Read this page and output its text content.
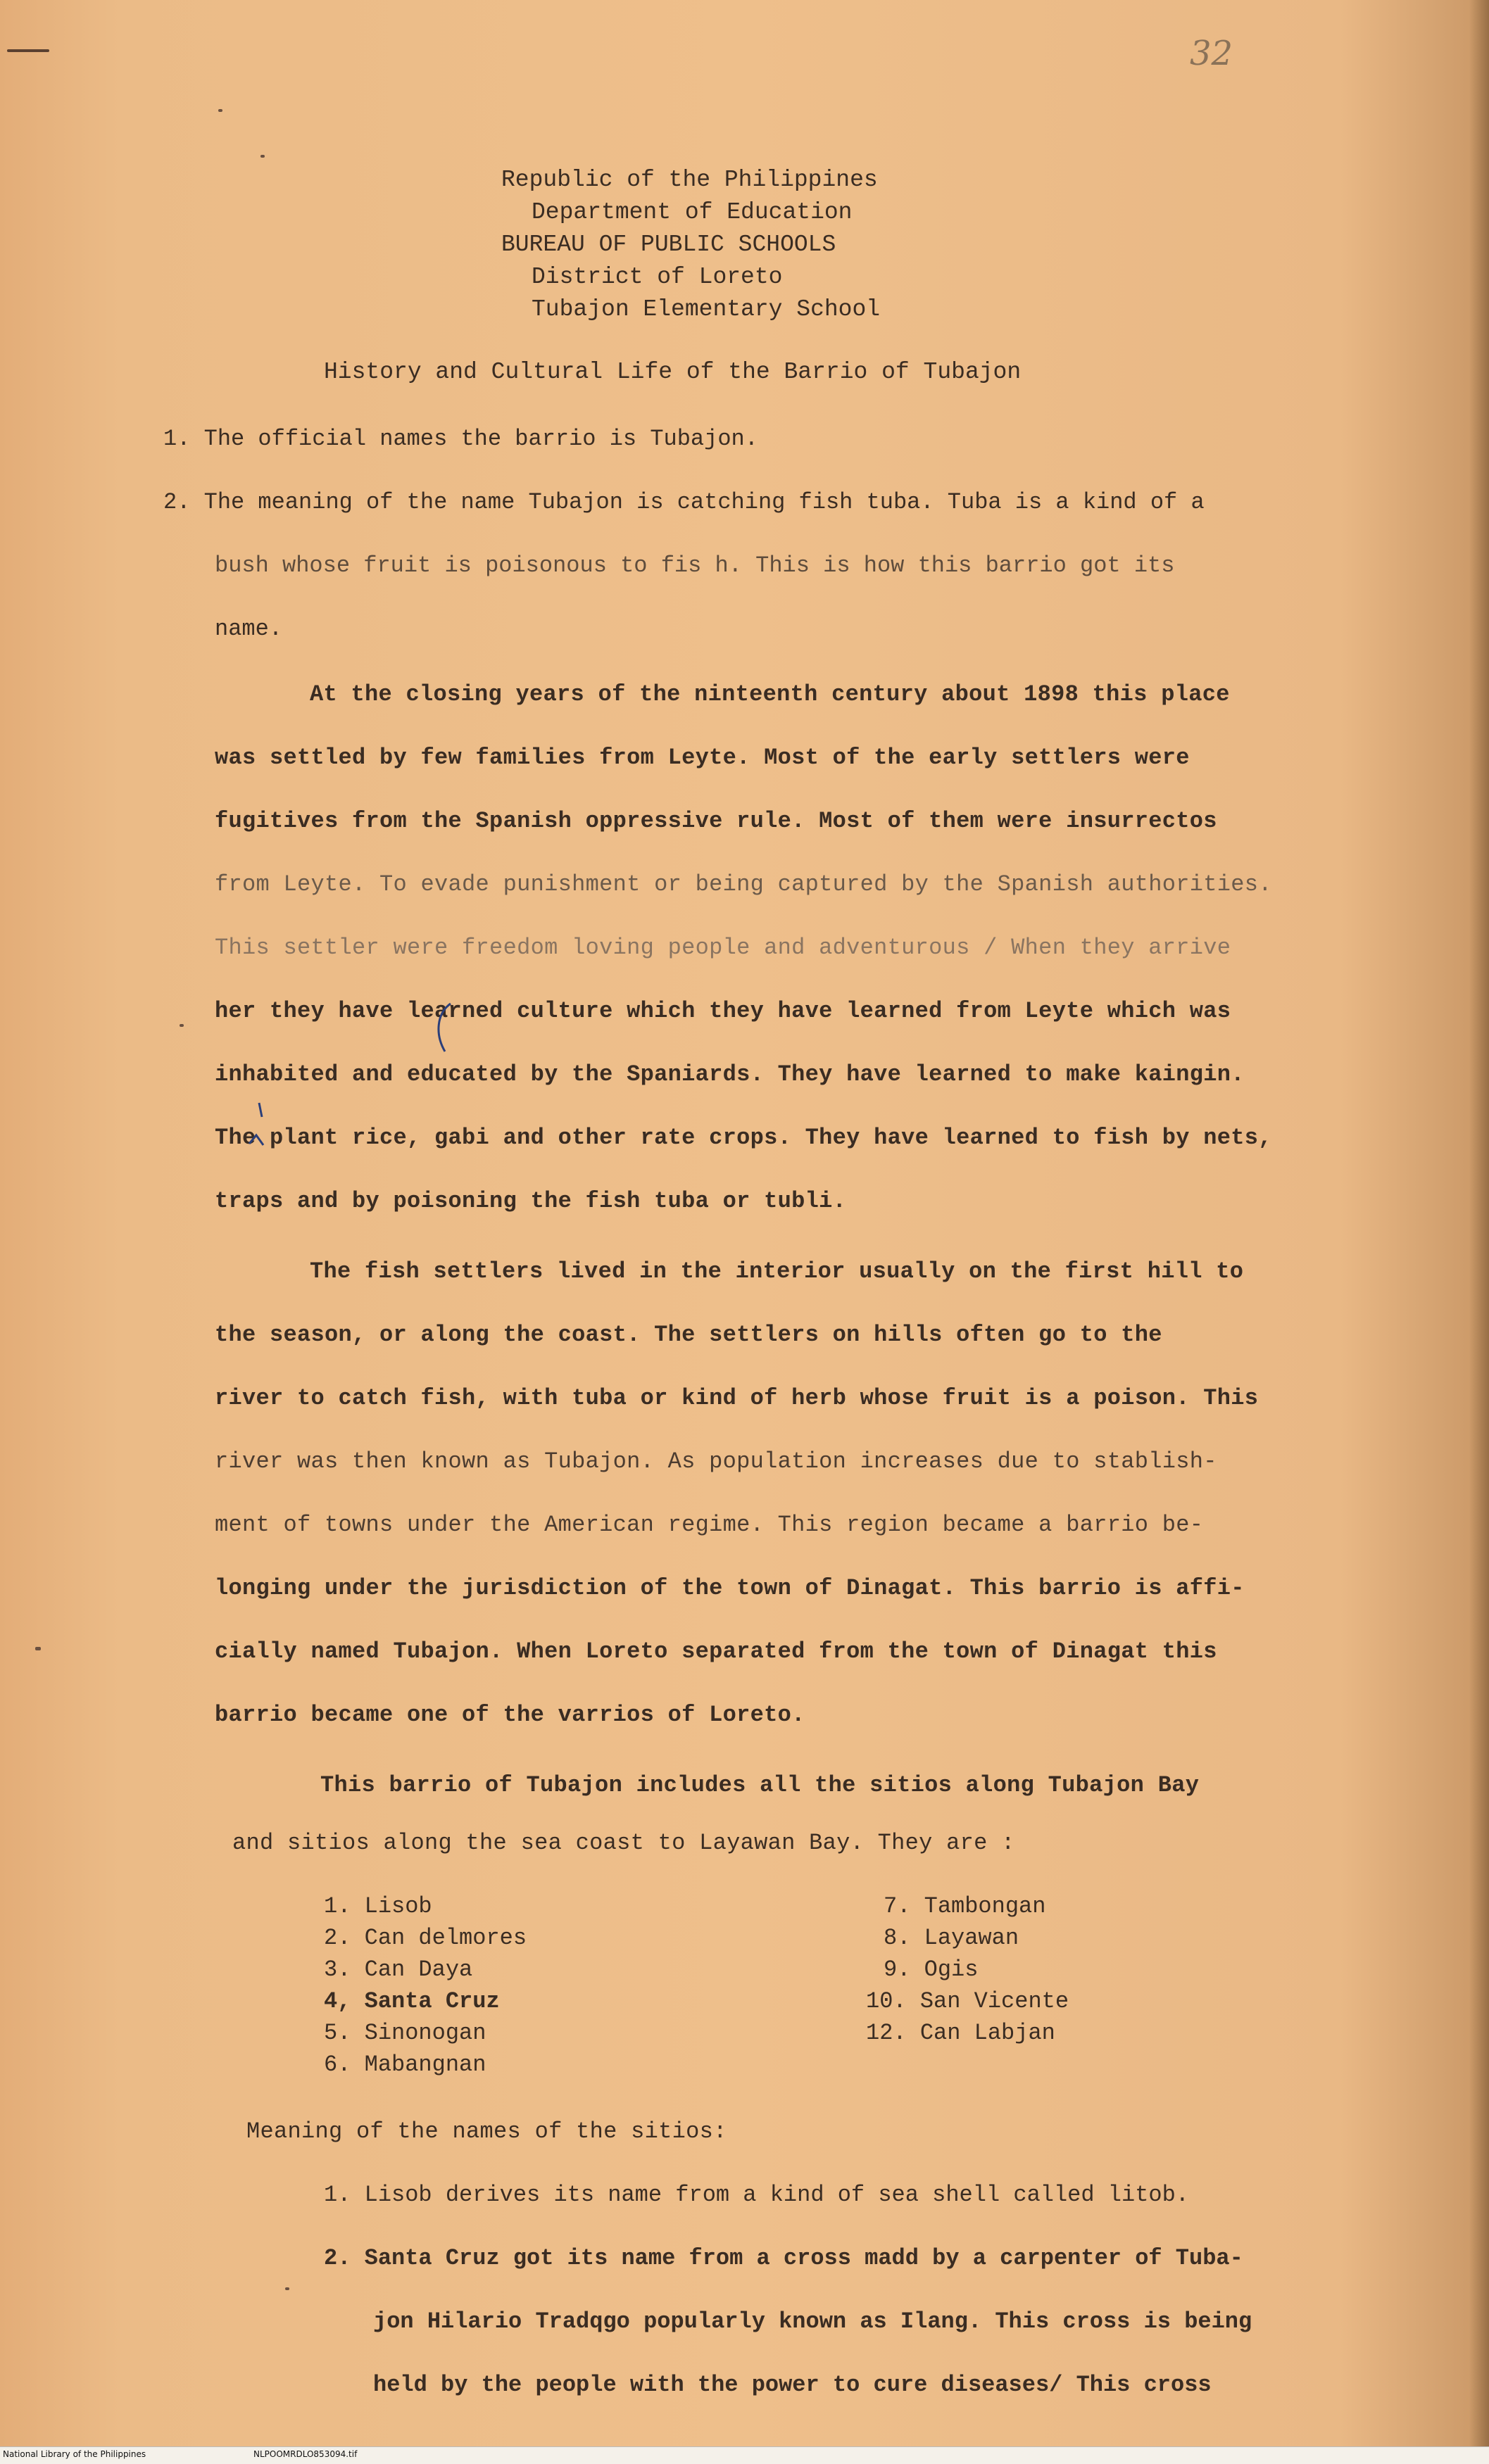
32
Republic of the Philippines
Department of Education
BUREAU OF PUBLIC SCHOOLS
District of Loreto
Tubajon Elementary School
History and Cultural Life of the Barrio of Tubajon
1. The official names the barrio is Tubajon.
2. The meaning of the name Tubajon is catching fish tuba. Tuba is a kind of a
bush whose fruit is poisonous to fis h. This is how this barrio got its
name.
At the closing years of the ninteenth century about 1898 this place
was settled by few families from Leyte. Most of the early settlers were
fugitives from the Spanish oppressive rule. Most of them were insurrectos
from Leyte. To evade punishment or being captured by the Spanish authorities.
This settler were freedom loving people and adventurous / When they arrive
her they have learned culture which they have learned from Leyte which was
inhabited and educated by the Spaniards. They have learned to make kaingin.
The plant rice, gabi and other rate crops. They have learned to fish by nets,
traps and by poisoning the fish tuba or tubli.
The fish settlers lived in the interior usually on the first hill to
the season, or along the coast. The settlers on hills often go to the
river to catch fish, with tuba or kind of herb whose fruit is a poison. This
river was then known as Tubajon. As population increases due to stablish-
ment of towns under the American regime. This region became a barrio be-
longing under the jurisdiction of the town of Dinagat. This barrio is affi-
cially named Tubajon. When Loreto separated from the town of Dinagat this
barrio became one of the varrios of Loreto.
This barrio of Tubajon includes all the sitios along Tubajon Bay
and sitios along the sea coast to Layawan Bay. They are :
1. Lisob
2. Can delmores
3. Can Daya
4, Santa Cruz
5. Sinonogan
6. Mabangnan
7. Tambongan
8. Layawan
9. Ogis
10. San Vicente
12. Can Labjan
Meaning of the names of the sitios:
1. Lisob derives its name from a kind of sea shell called litob.
2. Santa Cruz got its name from a cross madd by a carpenter of Tuba-
jon Hilario Tradqgo popularly known as Ilang. This cross is being
held by the people with the power to cure diseases/ This cross
National Library of the Philippines	NLPOOMRDLO853094.tif
